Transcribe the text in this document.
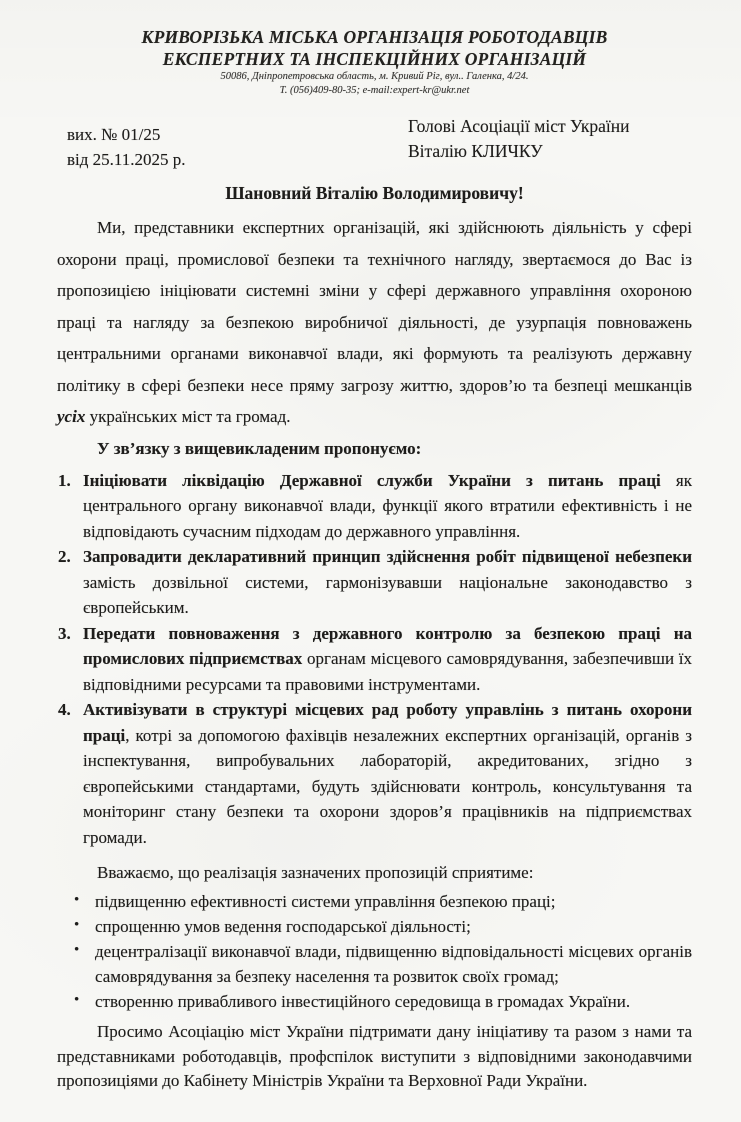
КРИВОРІЗЬКА МІСЬКА ОРГАНІЗАЦІЯ РОБОТОДАВЦІВ
ЕКСПЕРТНИХ ТА ІНСПЕКЦІЙНИХ ОРГАНІЗАЦІЙ
50086, Дніпропетровська область, м. Кривий Ріг, вул.. Галенка, 4/24.
Т. (056)409-80-35; e-mail:expert-kr@ukr.net
вих. № 01/25
від 25.11.2025 р.
Голові Асоціації міст України
Віталію КЛИЧКУ
Шановний Віталію Володимировичу!

Ми, представники експертних організацій, які здійснюють діяльність у сфері охорони праці, промислової безпеки та технічного нагляду, звертаємося до Вас із пропозицією ініціювати системні зміни у сфері державного управління охороною праці та нагляду за безпекою виробничої діяльності, де узурпація повноважень центральними органами виконавчої влади, які формують та реалізують державну політику в сфері безпеки несе пряму загрозу життю, здоров’ю та безпеці мешканців усіх українських міст та громад.

У зв’язку з вищевикладеним пропонуємо:
1. Ініціювати ліквідацію Державної служби України з питань праці як центрального органу виконавчої влади, функції якого втратили ефективність і не відповідають сучасним підходам до державного управління.
2. Запровадити декларативний принцип здійснення робіт підвищеної небезпеки замість дозвільної системи, гармонізувавши національне законодавство з європейським.
3. Передати повноваження з державного контролю за безпекою праці на промислових підприємствах органам місцевого самоврядування, забезпечивши їх відповідними ресурсами та правовими інструментами.
4. Активізувати в структурі місцевих рад роботу управлінь з питань охорони праці, котрі за допомогою фахівців незалежних експертних організацій, органів з інспектування, випробувальних лабораторій, акредитованих, згідно з європейськими стандартами, будуть здійснювати контроль, консультування та моніторинг стану безпеки та охорони здоров’я працівників на підприємствах громади.

Вважаємо, що реалізація зазначених пропозицій сприятиме:

• підвищенню ефективності системи управління безпекою праці;
• спрощенню умов ведення господарської діяльності;
• децентралізації виконавчої влади, підвищенню відповідальності місцевих органів самоврядування за безпеку населення та розвиток своїх громад;
• створенню привабливого інвестиційного середовища в громадах України.

Просимо Асоціацію міст України підтримати дану ініціативу та разом з нами та представниками роботодавців, профспілок виступити з відповідними законодавчими пропозиціями до Кабінету Міністрів України та Верховної Ради України.
